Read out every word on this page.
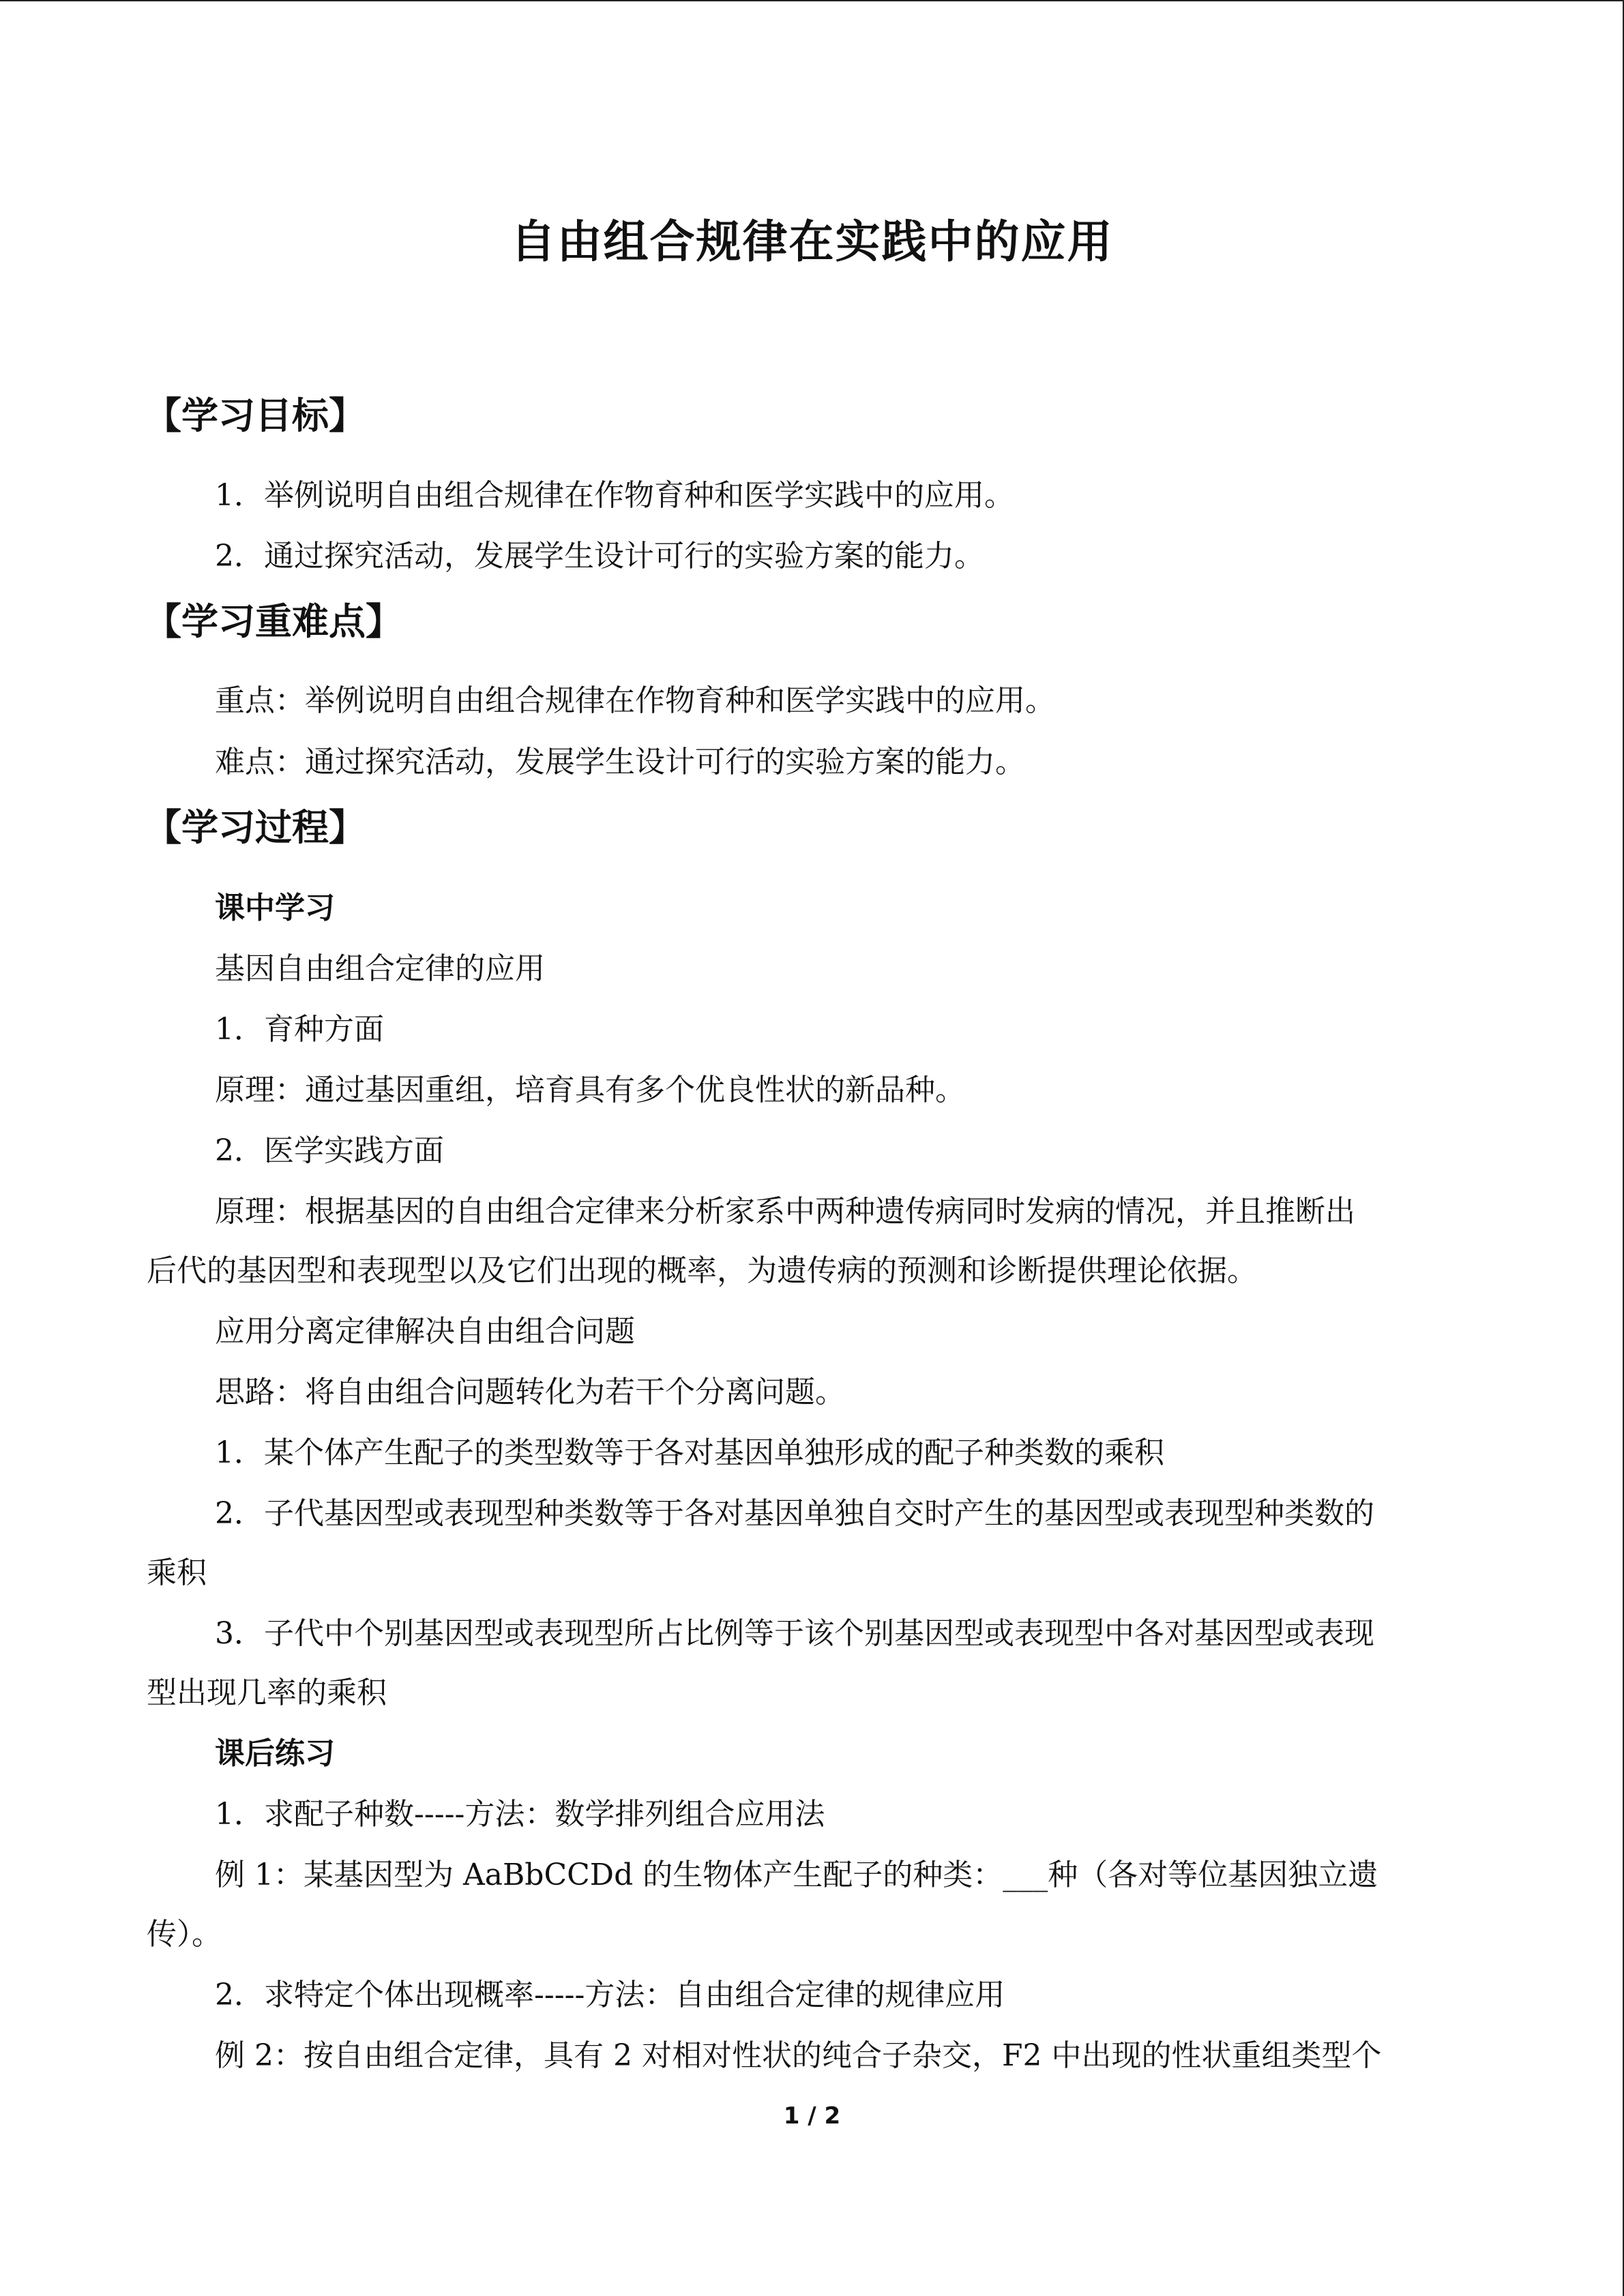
自由组合规律在实践中的应用
【学习目标】
1．举例说明自由组合规律在作物育种和医学实践中的应用。
2．通过探究活动，发展学生设计可行的实验方案的能力。
【学习重难点】
重点：举例说明自由组合规律在作物育种和医学实践中的应用。
难点：通过探究活动，发展学生设计可行的实验方案的能力。
【学习过程】
课中学习
基因自由组合定律的应用
1．育种方面
原理：通过基因重组，培育具有多个优良性状的新品种。
2．医学实践方面
原理：根据基因的自由组合定律来分析家系中两种遗传病同时发病的情况，并且推断出
后代的基因型和表现型以及它们出现的概率，为遗传病的预测和诊断提供理论依据。
应用分离定律解决自由组合问题
思路：将自由组合问题转化为若干个分离问题。
1．某个体产生配子的类型数等于各对基因单独形成的配子种类数的乘积
2．子代基因型或表现型种类数等于各对基因单独自交时产生的基因型或表现型种类数的
乘积
3．子代中个别基因型或表现型所占比例等于该个别基因型或表现型中各对基因型或表现
型出现几率的乘积
课后练习
1．求配子种数-----方法：数学排列组合应用法
例 1：某基因型为 AaBbCCDd 的生物体产生配子的种类：___种（各对等位基因独立遗
传）。
2．求特定个体出现概率-----方法：自由组合定律的规律应用
例 2：按自由组合定律，具有 2 对相对性状的纯合子杂交，F2 中出现的性状重组类型个
1 / 2
